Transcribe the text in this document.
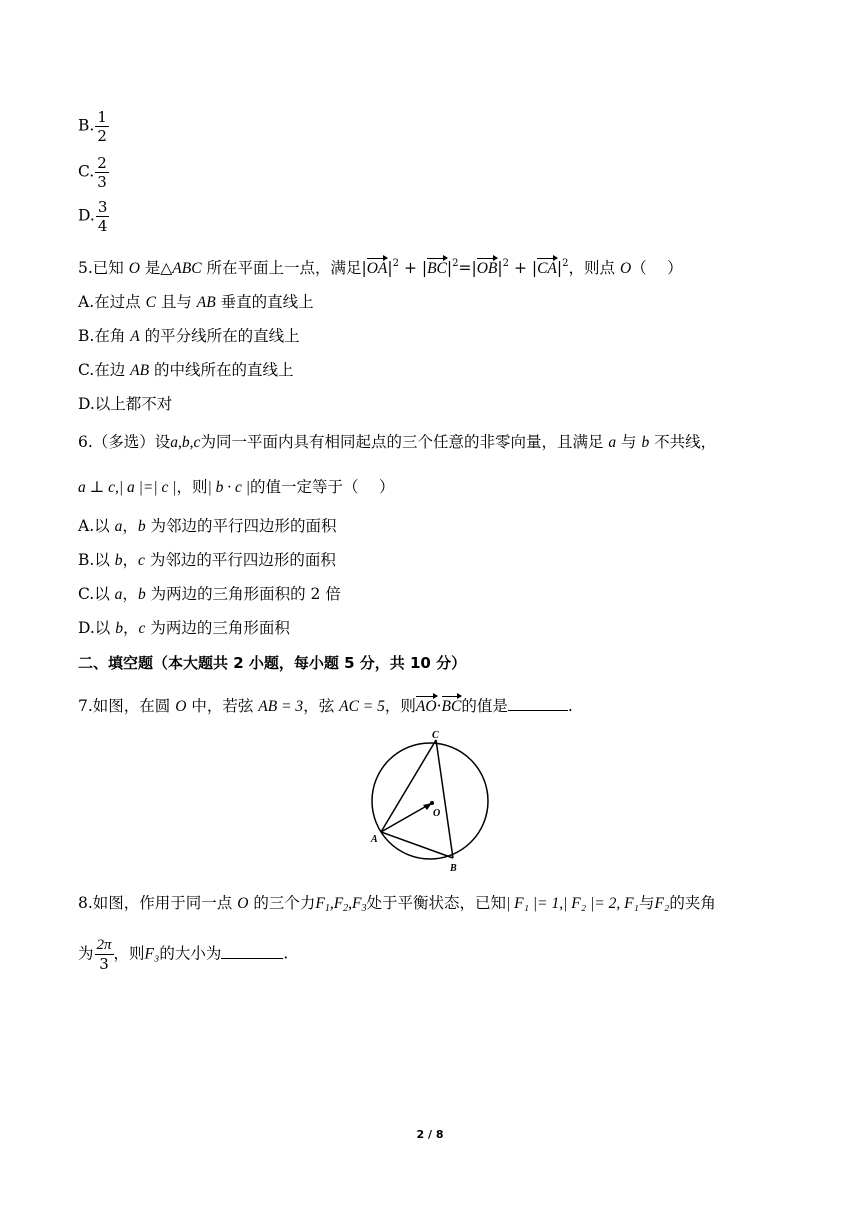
B. $\frac{1}{2}$
C. $\frac{2}{3}$
D. $\frac{3}{4}$
5.已知 O 是△ABC 所在平面上一点，满足$|OA|^2 + |BC|^2=|OB|^2 + |CA|^2$，则点 O（　 ）
A.在过点 C 且与 AB 垂直的直线上
B.在角 A 的平分线所在的直线上
C.在边 AB 的中线所在的直线上
D.以上都不对
6.（多选）设a,b,c为同一平面内具有相同起点的三个任意的非零向量，且满足 a 与 b 不共线，
a ⊥ c,| a |=| c |，则| b · c |的值一定等于（　 ）
A.以 a，b 为邻边的平行四边形的面积
B.以 b，c 为邻边的平行四边形的面积
C.以 a，b 为两边的三角形面积的 2 倍
D.以 b，c 为两边的三角形面积
二、填空题（本大题共 2 小题，每小题 5 分，共 10 分）
7.如图，在圆 O 中，若弦 AB = 3，弦 AC = 5，则AO·BC的值是	.
C
O
A
B
8.如图，作用于同一点 O 的三个力$F_1,F_2,F_3$处于平衡状态，已知| F₁ |= 1,| F₂ |= 2, F₁与F₂的夹角
为 $\frac{2\pi}{3}$ ，则F₃的大小为	.
2 / 8
